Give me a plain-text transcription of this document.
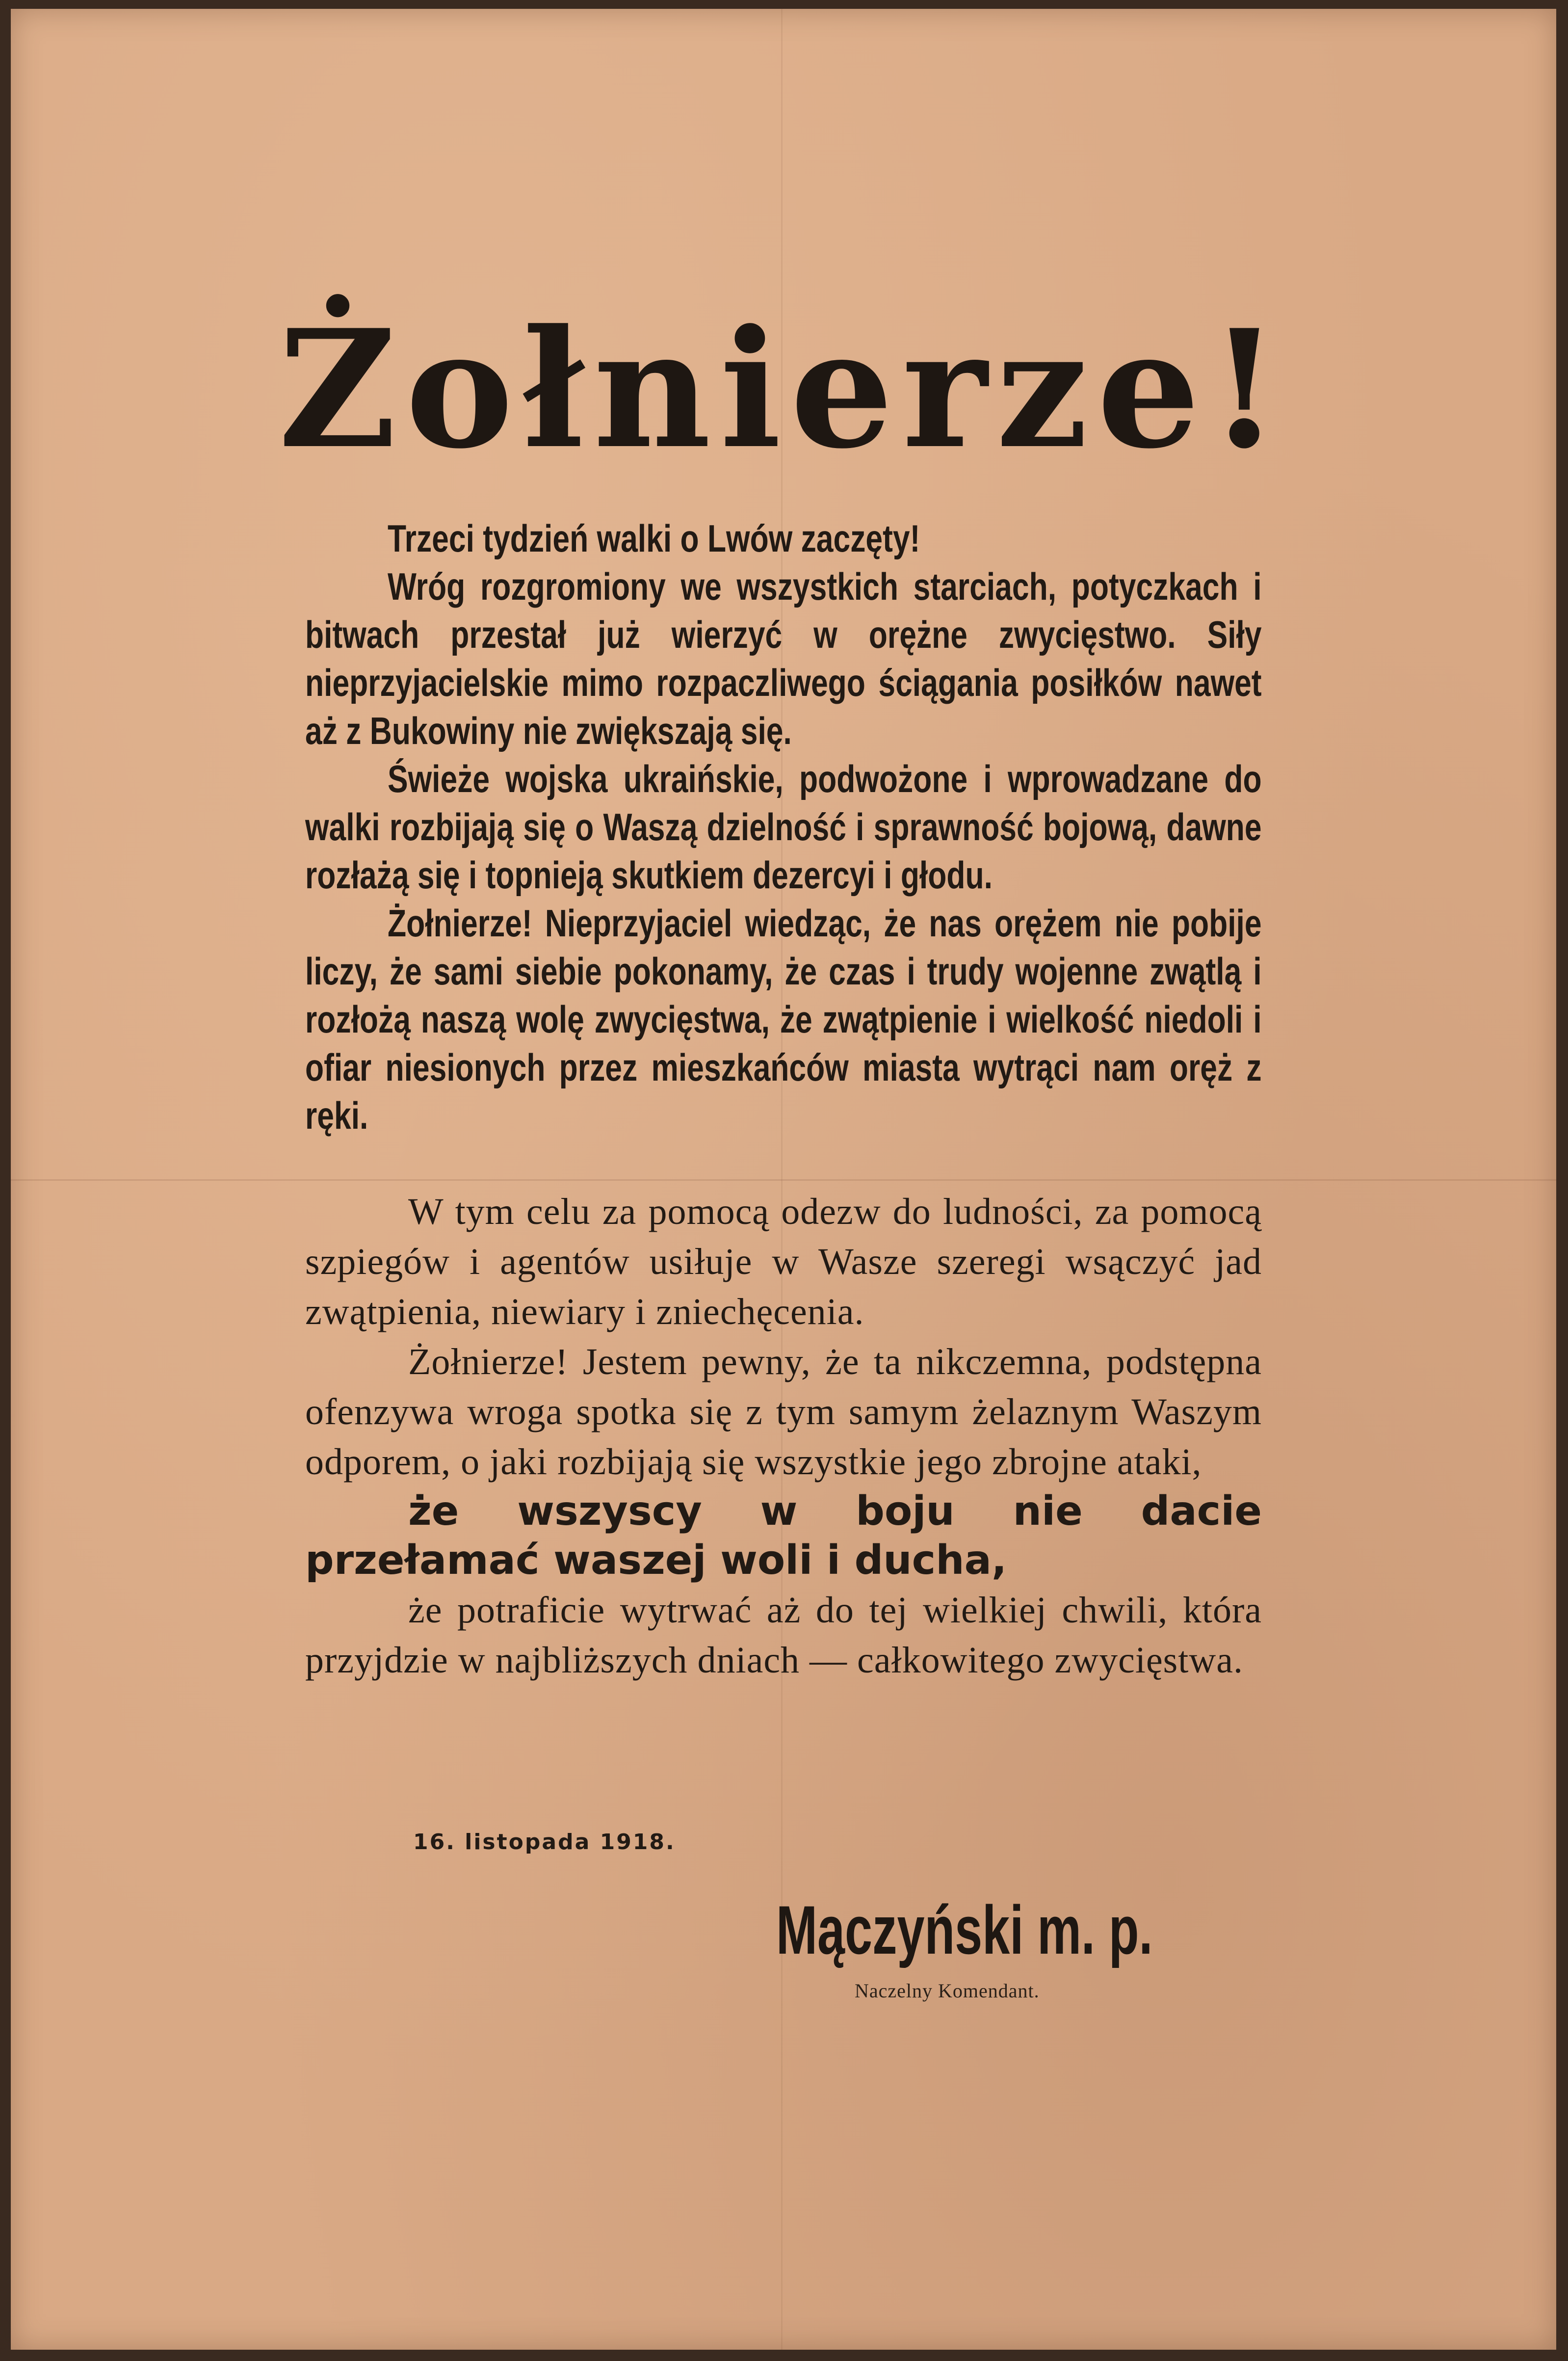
Żołnierze!

Trzeci tydzień walki o Lwów zaczęty!

Wróg rozgromiony we wszystkich starciach, potyczkach i bitwach przestał już wierzyć w orężne zwycięstwo. Siły nieprzyjacielskie mimo rozpaczliwego ściągania posiłków nawet aż z Bukowiny nie zwiększają się.

Świeże wojska ukraińskie, podwożone i wprowadzane do walki rozbijają się o Waszą dzielność i sprawność bojową, dawne rozłażą się i topnieją skutkiem dezercyi i głodu.

Żołnierze! Nieprzyjaciel wiedząc, że nas orężem nie pobije liczy, że sami siebie pokonamy, że czas i trudy wojenne zwątlą i rozłożą naszą wolę zwycięstwa, że zwątpienie i wielkość niedoli i ofiar niesionych przez mieszkańców miasta wytrąci nam oręż z ręki.

W tym celu za pomocą odezw do ludności, za pomocą szpiegów i agentów usiłuje w Wasze szeregi wsączyć jad zwątpienia, niewiary i zniechęcenia.

Żołnierze! Jestem pewny, że ta nikczemna, podstępna ofenzywa wroga spotka się z tym samym żelaznym Waszym odporem, o jaki rozbijają się wszystkie jego zbrojne ataki,

że wszyscy w boju nie dacie przełamać waszej woli i ducha,

że potraficie wytrwać aż do tej wielkiej chwili, która przyjdzie w najbliższych dniach — całkowitego zwycięstwa.

16. listopada 1918.
Mączyński m. p.
Naczelny Komendant.
